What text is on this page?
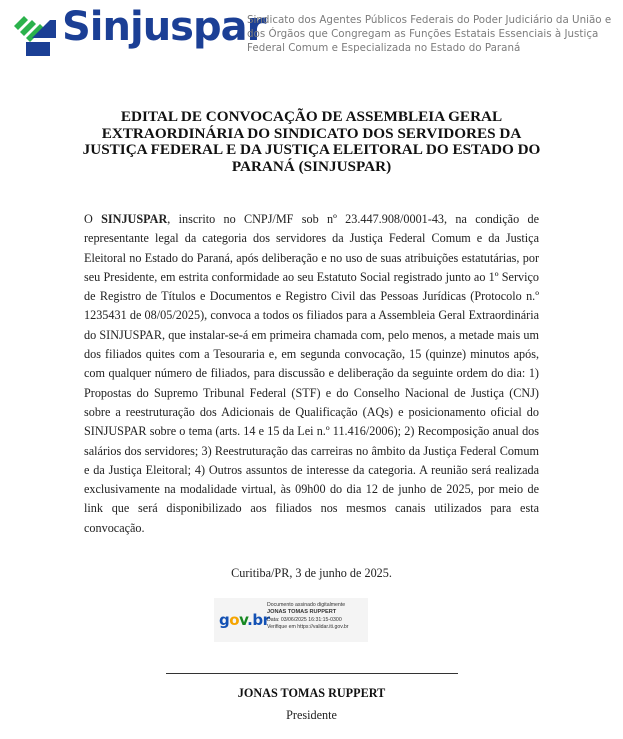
Sinjuspar
Sindicato dos Agentes Públicos Federais do Poder Judiciário da União e dos Órgãos que Congregam as Funções Estatais Essenciais à Justiça Federal Comum e Especializada no Estado do Paraná
EDITAL DE CONVOCAÇÃO DE ASSEMBLEIA GERAL EXTRAORDINÁRIA DO SINDICATO DOS SERVIDORES DA JUSTIÇA FEDERAL E DA JUSTIÇA ELEITORAL DO ESTADO DO PARANÁ (SINJUSPAR)

O SINJUSPAR, inscrito no CNPJ/MF sob nº 23.447.908/0001-43, na condição de representante legal da categoria dos servidores da Justiça Federal Comum e da Justiça Eleitoral no Estado do Paraná, após deliberação e no uso de suas atribuições estatutárias, por seu Presidente, em estrita conformidade ao seu Estatuto Social registrado junto ao 1º Serviço de Registro de Títulos e Documentos e Registro Civil das Pessoas Jurídicas (Protocolo n.º 1235431 de 08/05/2025), convoca a todos os filiados para a Assembleia Geral Extraordinária do SINJUSPAR, que instalar-se-á em primeira chamada com, pelo menos, a metade mais um dos filiados quites com a Tesouraria e, em segunda convocação, 15 (quinze) minutos após, com qualquer número de filiados, para discussão e deliberação da seguinte ordem do dia: 1) Propostas do Supremo Tribunal Federal (STF) e do Conselho Nacional de Justiça (CNJ) sobre a reestruturação dos Adicionais de Qualificação (AQs) e posicionamento oficial do SINJUSPAR sobre o tema (arts. 14 e 15 da Lei n.º 11.416/2006); 2) Recomposição anual dos salários dos servidores; 3) Reestruturação das carreiras no âmbito da Justiça Federal Comum e da Justiça Eleitoral; 4) Outros assuntos de interesse da categoria. A reunião será realizada exclusivamente na modalidade virtual, às 09h00 do dia 12 de junho de 2025, por meio de link que será disponibilizado aos filiados nos mesmos canais utilizados para esta convocação.

Curitiba/PR, 3 de junho de 2025.
gov.br
Documento assinado digitalmente
JONAS TOMAS RUPPERT
Data: 03/06/2025 16:31:15-0300
Verifique em https://validar.iti.gov.br
JONAS TOMAS RUPPERT
Presidente
